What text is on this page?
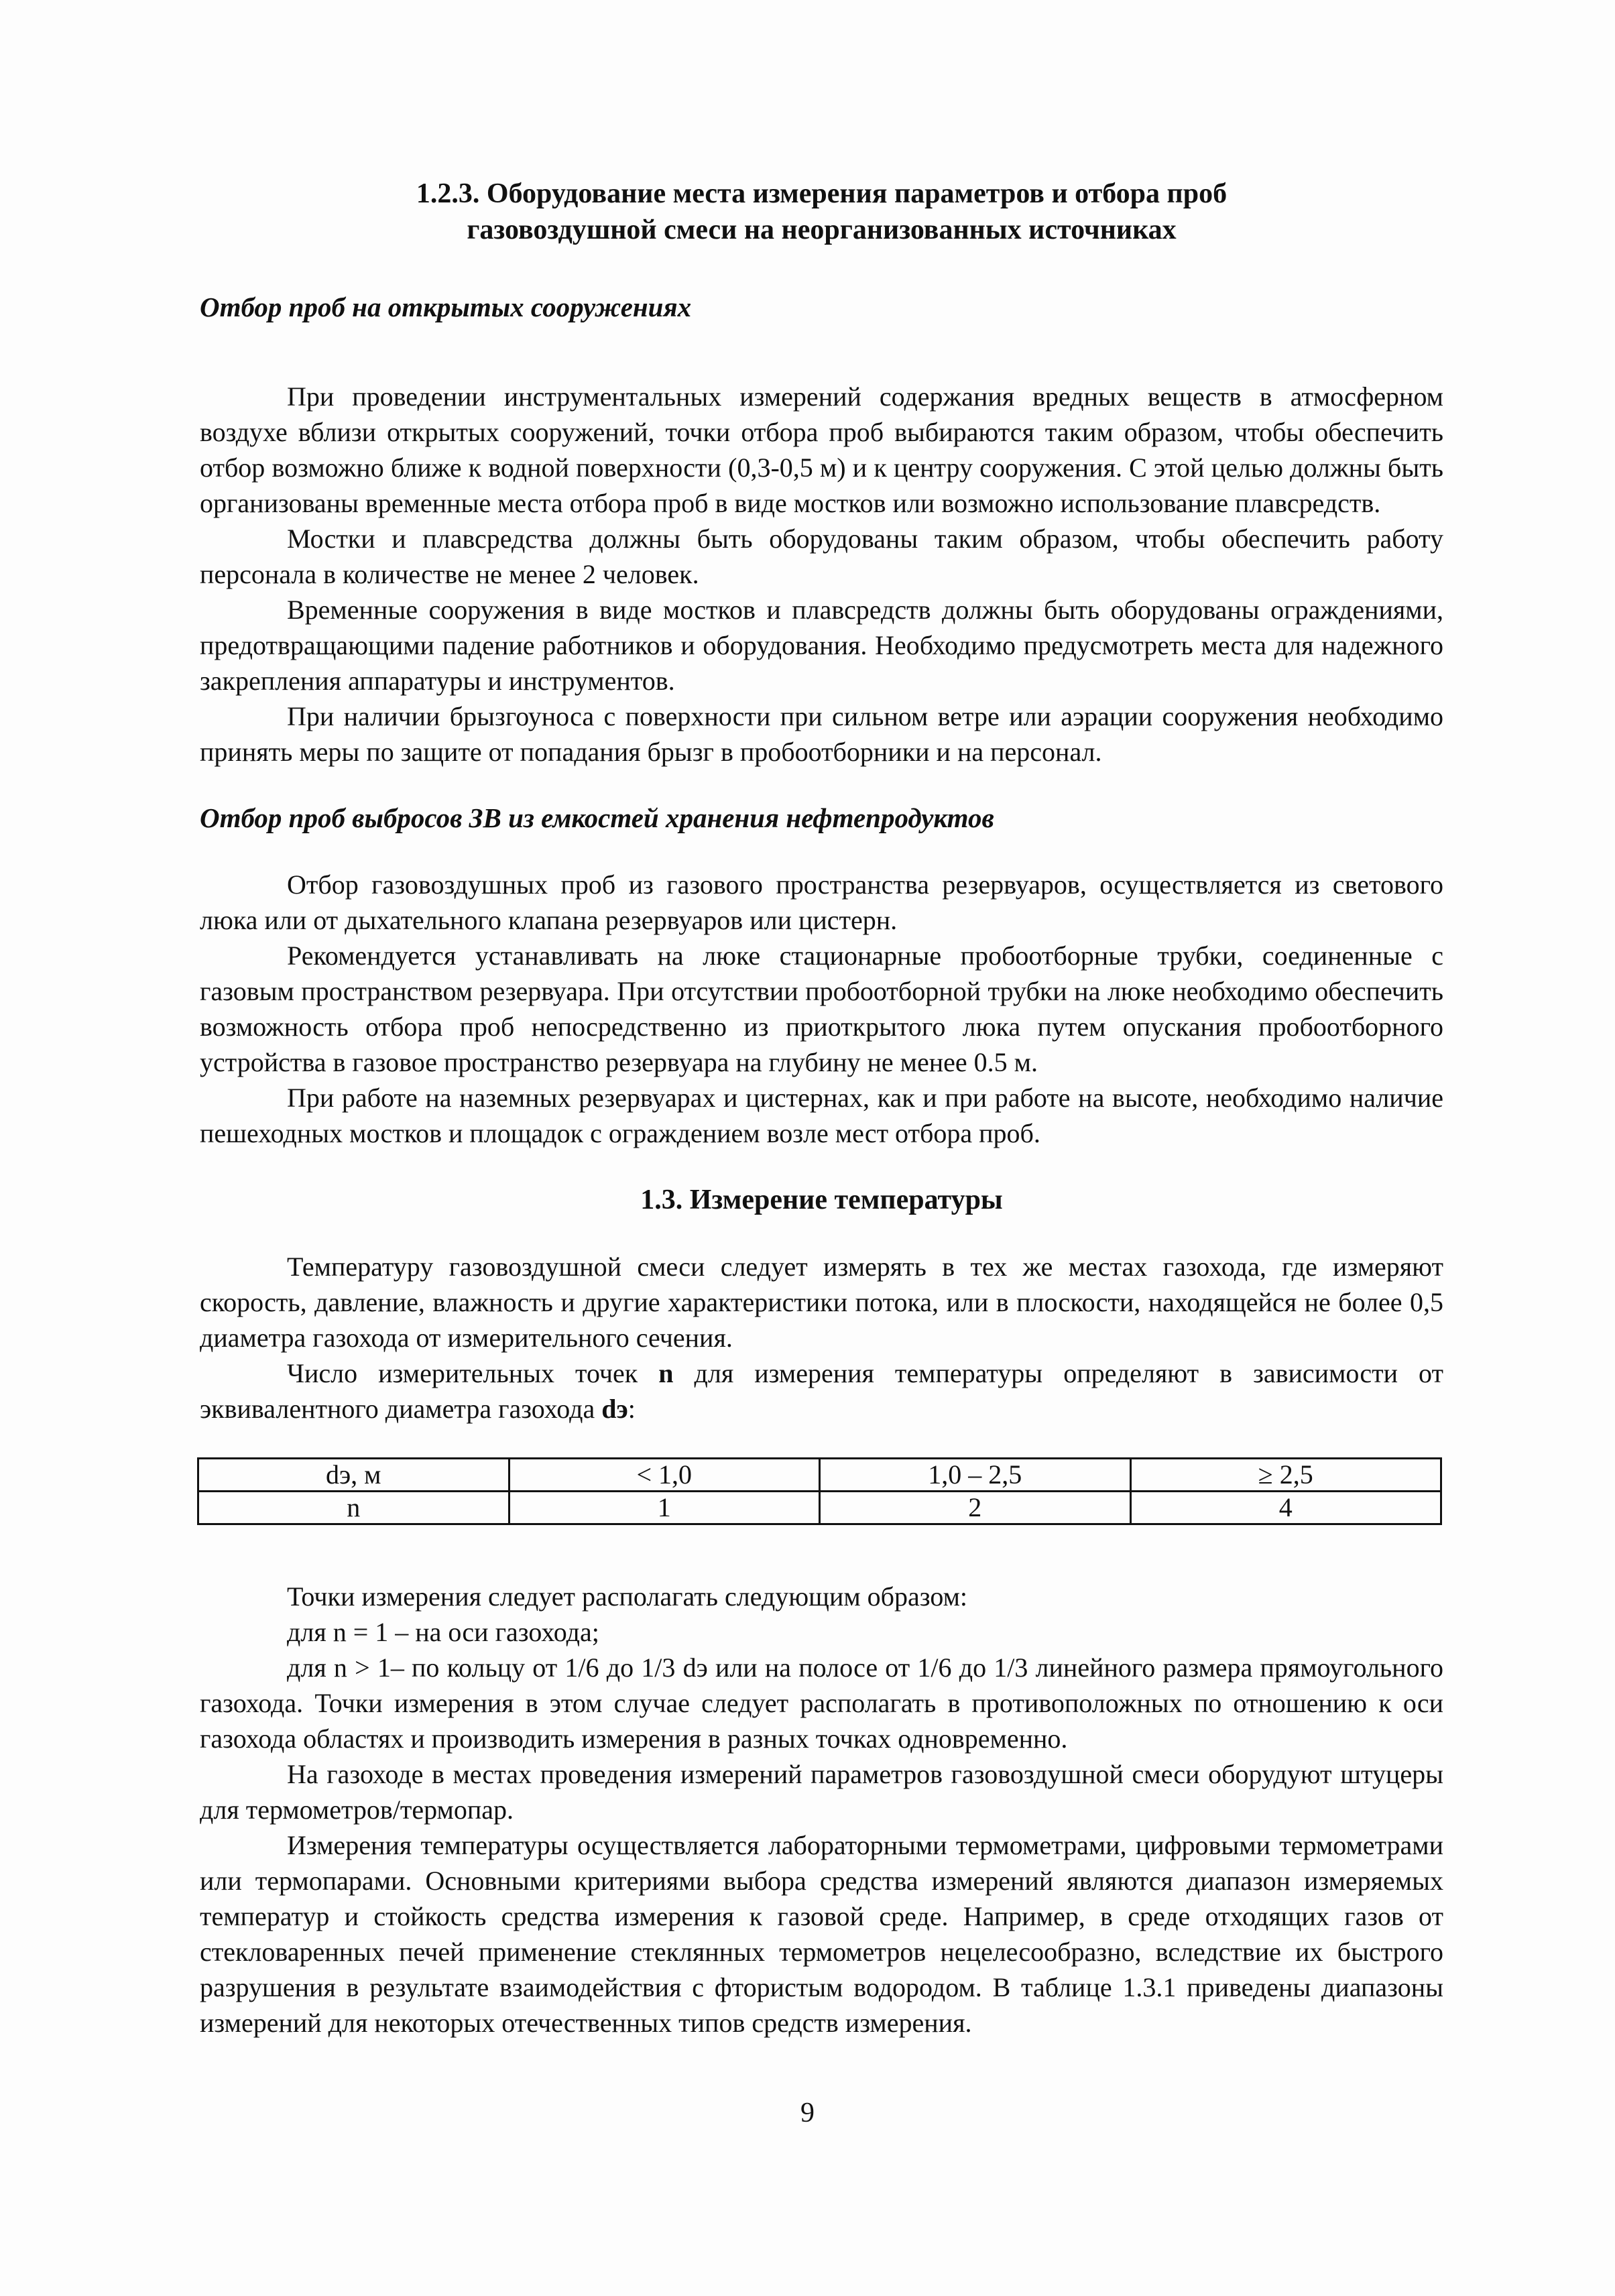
1.2.3. Оборудование места измерения параметров и отбора проб
газовоздушной смеси на неорганизованных источниках
Отбор проб на открытых сооружениях

При проведении инструментальных измерений содержания вредных веществ в атмосферном воздухе вблизи открытых сооружений, точки отбора проб выбираются таким образом, чтобы обеспечить отбор возможно ближе к водной поверхности (0,3-0,5 м) и к центру сооружения. С этой целью должны быть организованы временные места отбора проб в виде мостков или возможно использование плавсредств.

Мостки и плавсредства должны быть оборудованы таким образом, чтобы обеспечить работу персонала в количестве не менее 2 человек.

Временные сооружения в виде мостков и плавсредств должны быть оборудованы ограждениями, предотвращающими падение работников и оборудования. Необходимо предусмотреть места для надежного закрепления аппаратуры и инструментов.

При наличии брызгоуноса с поверхности при сильном ветре или аэрации сооружения необходимо принять меры по защите от попадания брызг в пробоотборники и на персонал.

Отбор проб выбросов ЗВ из емкостей хранения нефтепродуктов

Отбор газовоздушных проб из газового пространства резервуаров, осуществляется из светового люка или от дыхательного клапана резервуаров или цистерн.

Рекомендуется устанавливать на люке стационарные пробоотборные трубки, соединенные с газовым пространством резервуара. При отсутствии пробоотборной трубки на люке необходимо обеспечить возможность отбора проб непосредственно из приоткрытого люка путем опускания пробоотборного устройства в газовое пространство резервуара на глубину не менее 0.5 м.

При работе на наземных резервуарах и цистернах, как и при работе на высоте, необходимо наличие пешеходных мостков и площадок с ограждением возле мест отбора проб.

1.3. Измерение температуры

Температуру газовоздушной смеси следует измерять в тех же местах газохода, где измеряют скорость, давление, влажность и другие характеристики потока, или в плоскости, находящейся не более 0,5 диаметра газохода от измерительного сечения.

Число измерительных точек n для измерения температуры определяют в зависимости от эквивалентного диаметра газохода dэ:

dэ, м	< 1,0	1,0 – 2,5	≥ 2,5
n	1	2	4

Точки измерения следует располагать следующим образом:

для n = 1 – на оси газохода;

для n > 1– по кольцу от 1/6 до 1/3 dэ или на полосе от 1/6 до 1/3 линейного размера прямоугольного газохода. Точки измерения в этом случае следует располагать в противоположных по отношению к оси газохода областях и производить измерения в разных точках одновременно.

На газоходе в местах проведения измерений параметров газовоздушной смеси оборудуют штуцеры для термометров/термопар.

Измерения температуры осуществляется лабораторными термометрами, цифровыми термометрами или термопарами. Основными критериями выбора средства измерений являются диапазон измеряемых температур и стойкость средства измерения к газовой среде. Например, в среде отходящих газов от стекловаренных печей применение стеклянных термометров нецелесообразно, вследствие их быстрого разрушения в результате взаимодействия с фтористым водородом. В таблице 1.3.1 приведены диапазоны измерений для некоторых отечественных типов средств измерения.

9
